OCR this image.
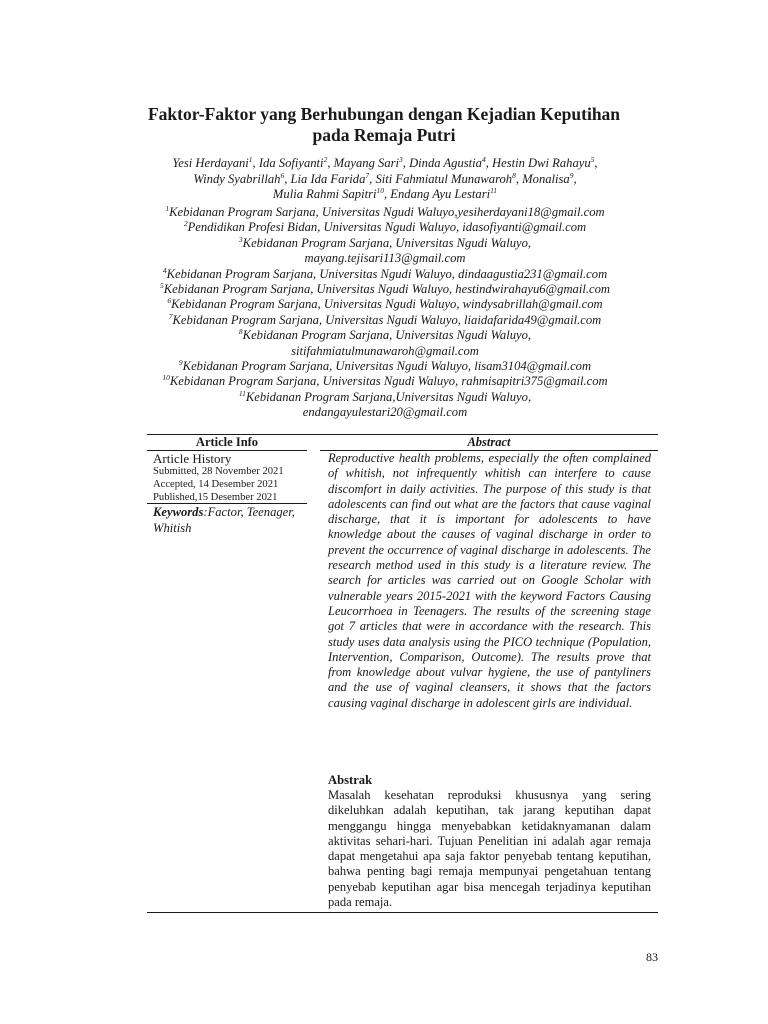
Faktor-Faktor yang Berhubungan dengan Kejadian Keputihan
pada Remaja Putri
Yesi Herdayani$^1$, Ida Sofiyanti$^2$, Mayang Sari$^3$, Dinda Agustia$^4$, Hestin Dwi Rahayu$^5$,
Windy Syabrillah$^6$, Lia Ida Farida$^7$, Siti Fahmiatul Munawaroh$^8$, Monalisa$^9$,
Mulia Rahmi Sapitri$^{10}$, Endang Ayu Lestari$^{11}$
$^1$Kebidanan Program Sarjana, Universitas Ngudi Waluyo,yesiherdayani18@gmail.com
$^2$Pendidikan Profesi Bidan, Universitas Ngudi Waluyo, idasofiyanti@gmail.com
$^3$Kebidanan Program Sarjana, Universitas Ngudi Waluyo,
mayang.tejisari113@gmail.com
$^4$Kebidanan Program Sarjana, Universitas Ngudi Waluyo, dindaagustia231@gmail.com
$^5$Kebidanan Program Sarjana, Universitas Ngudi Waluyo, hestindwirahayu6@gmail.com
$^6$Kebidanan Program Sarjana, Universitas Ngudi Waluyo, windysabrillah@gmail.com
$^7$Kebidanan Program Sarjana, Universitas Ngudi Waluyo, liaidafarida49@gmail.com
$^8$Kebidanan Program Sarjana, Universitas Ngudi Waluyo,
sitifahmiatulmunawaroh@gmail.com
$^9$Kebidanan Program Sarjana, Universitas Ngudi Waluyo, lisam3104@gmail.com
$^{10}$Kebidanan Program Sarjana, Universitas Ngudi Waluyo, rahmisapitri375@gmail.com
$^{11}$Kebidanan Program Sarjana,Universitas Ngudi Waluyo,
endangayulestari20@gmail.com
Article Info	Abstract
Article History
Submitted, 28 November 2021
Accepted, 14 Desember 2021
Published,15 Desember 2021
Keywords:Factor, Teenager, Whitish
Reproductive health problems, especially the often complained of whitish, not infrequently whitish can interfere to cause discomfort in daily activities. The purpose of this study is that adolescents can find out what are the factors that cause vaginal discharge, that it is important for adolescents to have knowledge about the causes of vaginal discharge in order to prevent the occurrence of vaginal discharge in adolescents. The research method used in this study is a literature review. The search for articles was carried out on Google Scholar with vulnerable years 2015-2021 with the keyword Factors Causing Leucorrhoea in Teenagers. The results of the screening stage got 7 articles that were in accordance with the research. This study uses data analysis using the PICO technique (Population, Intervention, Comparison, Outcome). The results prove that from knowledge about vulvar hygiene, the use of pantyliners and the use of vaginal cleansers, it shows that the factors causing vaginal discharge in adolescent girls are individual.
Abstrak
Masalah kesehatan reproduksi khususnya yang sering dikeluhkan adalah keputihan, tak jarang keputihan dapat menggangu hingga menyebabkan ketidaknyamanan dalam aktivitas sehari-hari. Tujuan Penelitian ini adalah agar remaja dapat mengetahui apa saja faktor penyebab tentang keputihan, bahwa penting bagi remaja mempunyai pengetahuan tentang penyebab keputihan agar bisa mencegah terjadinya keputihan pada remaja.
83
